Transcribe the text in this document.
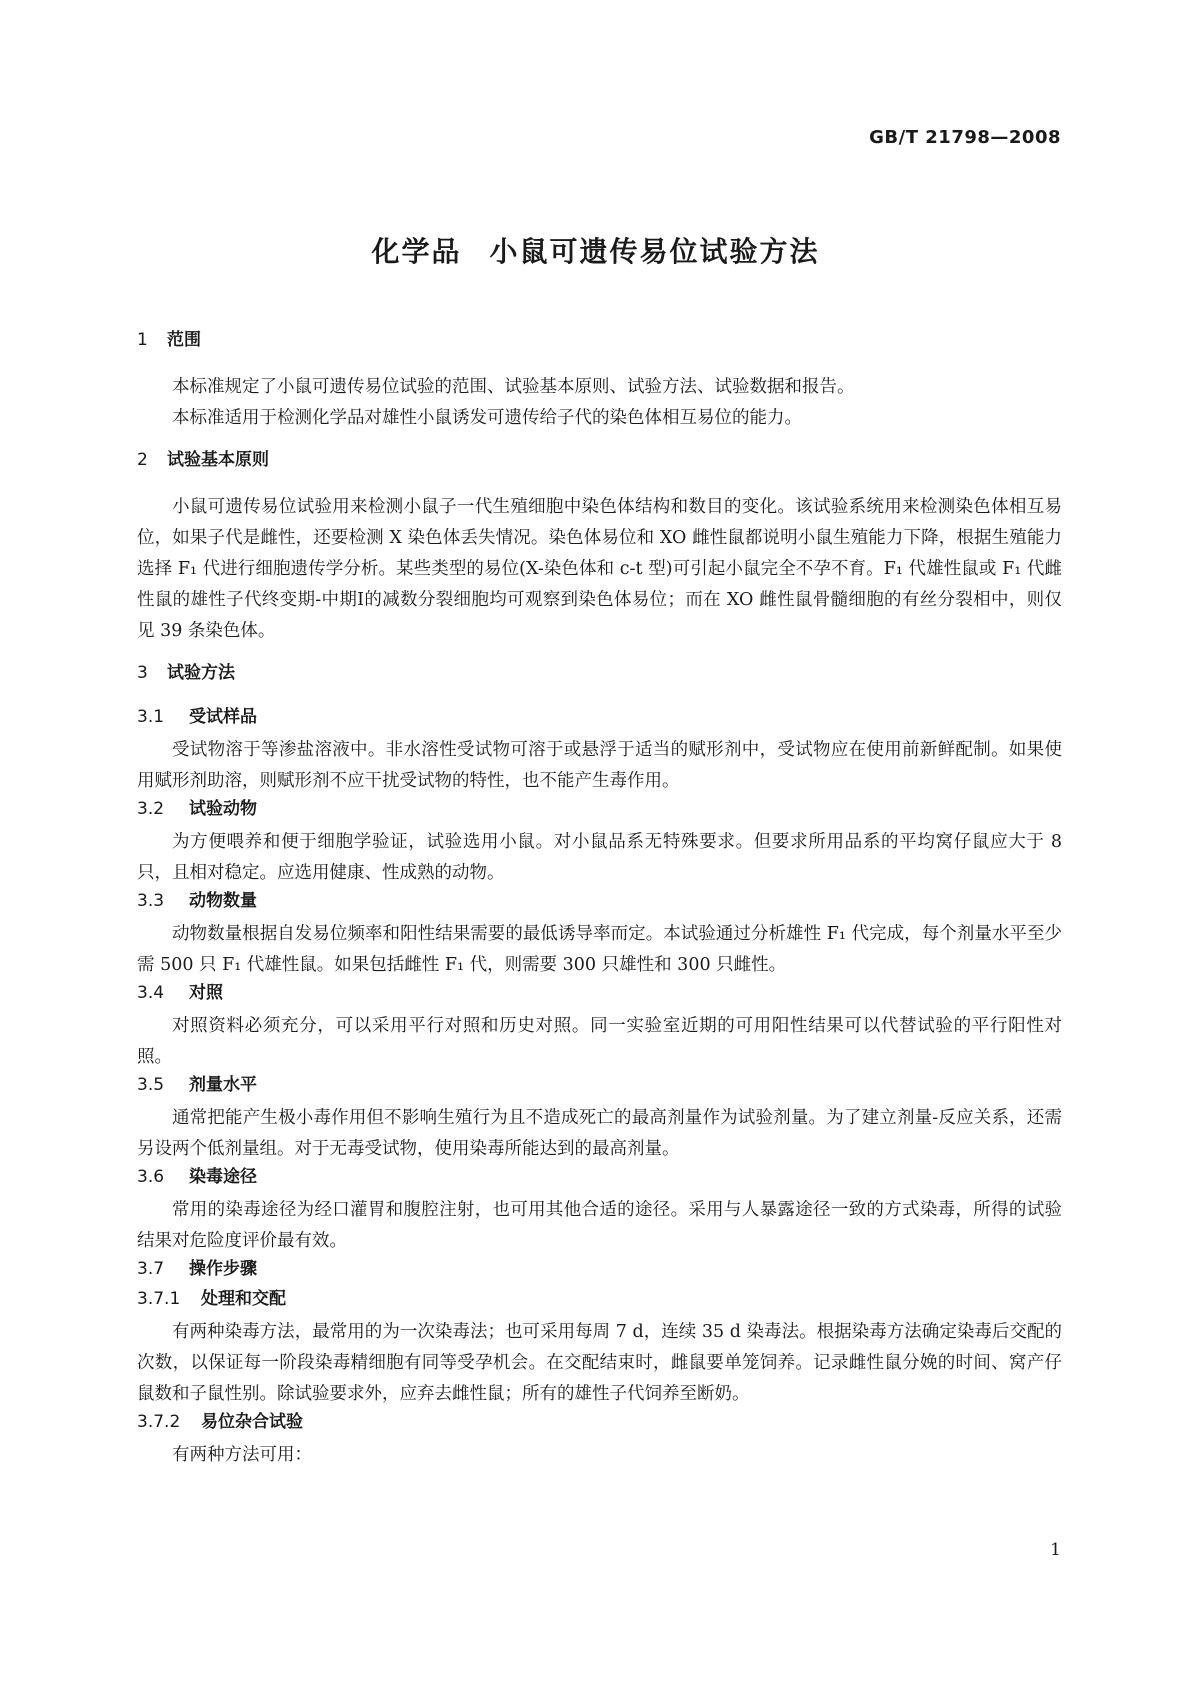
GB/T 21798—2008
化学品 小鼠可遗传易位试验方法
1 范围

本标准规定了小鼠可遗传易位试验的范围、试验基本原则、试验方法、试验数据和报告。

本标准适用于检测化学品对雄性小鼠诱发可遗传给子代的染色体相互易位的能力。

2 试验基本原则

小鼠可遗传易位试验用来检测小鼠子一代生殖细胞中染色体结构和数目的变化。该试验系统用来检测染色体相互易位，如果子代是雌性，还要检测 X 染色体丢失情况。染色体易位和 XO 雌性鼠都说明小鼠生殖能力下降，根据生殖能力选择 F₁ 代进行细胞遗传学分析。某些类型的易位(X-染色体和 c-t 型)可引起小鼠完全不孕不育。F₁ 代雄性鼠或 F₁ 代雌性鼠的雄性子代终变期-中期Ⅰ的减数分裂细胞均可观察到染色体易位；而在 XO 雌性鼠骨髓细胞的有丝分裂相中，则仅见 39 条染色体。

3 试验方法
3.1 受试样品

受试物溶于等渗盐溶液中。非水溶性受试物可溶于或悬浮于适当的赋形剂中，受试物应在使用前新鲜配制。如果使用赋形剂助溶，则赋形剂不应干扰受试物的特性，也不能产生毒作用。

3.2 试验动物

为方便喂养和便于细胞学验证，试验选用小鼠。对小鼠品系无特殊要求。但要求所用品系的平均窝仔鼠应大于 8 只，且相对稳定。应选用健康、性成熟的动物。

3.3 动物数量

动物数量根据自发易位频率和阳性结果需要的最低诱导率而定。本试验通过分析雄性 F₁ 代完成，每个剂量水平至少需 500 只 F₁ 代雄性鼠。如果包括雌性 F₁ 代，则需要 300 只雄性和 300 只雌性。

3.4 对照

对照资料必须充分，可以采用平行对照和历史对照。同一实验室近期的可用阳性结果可以代替试验的平行阳性对照。

3.5 剂量水平

通常把能产生极小毒作用但不影响生殖行为且不造成死亡的最高剂量作为试验剂量。为了建立剂量-反应关系，还需另设两个低剂量组。对于无毒受试物，使用染毒所能达到的最高剂量。

3.6 染毒途径

常用的染毒途径为经口灌胃和腹腔注射，也可用其他合适的途径。采用与人暴露途径一致的方式染毒，所得的试验结果对危险度评价最有效。

3.7 操作步骤
3.7.1 处理和交配

有两种染毒方法，最常用的为一次染毒法；也可采用每周 7 d，连续 35 d 染毒法。根据染毒方法确定染毒后交配的次数，以保证每一阶段染毒精细胞有同等受孕机会。在交配结束时，雌鼠要单笼饲养。记录雌性鼠分娩的时间、窝产仔鼠数和子鼠性别。除试验要求外，应弃去雌性鼠；所有的雄性子代饲养至断奶。

3.7.2 易位杂合试验

有两种方法可用：

1
